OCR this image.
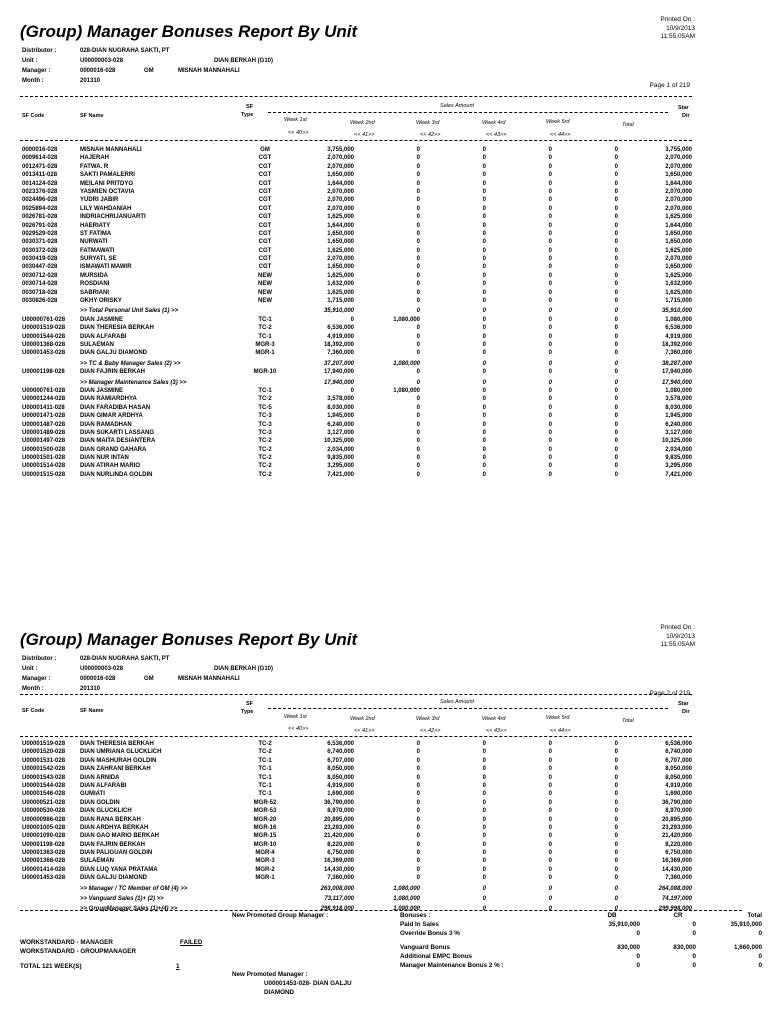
(Group) Manager Bonuses Report By Unit
Printed On :
10/9/2013
11:55:05AM
Distributor :	028-DIAN NUGRAHA SAKTI, PT
Unit :	U00000003-028	DIAN BERKAH (G10)
Manager :	0000016-028	GM	MISNAH MANNAHALI
Month :	201310
Page 1 of 219
SF Code	SF Name
SF
Type
Sales Amount	Star
Dir
Week 1st	Week 2nd	Week 3rd	Week 4rd	Week 5rd	Total
<< 40>>	<< 41>>	<< 42>>	<< 43>>	<< 44>>
0000016-028	MISNAH MANNAHALI	GM	3,755,000	0	0	0	0	3,755,000
0009614-028	HAJERAH	CGT	2,070,000	0	0	0	0	2,070,000
0012471-028	FATWA. R	CGT	2,070,000	0	0	0	0	2,070,000
0013411-028	SAKTI PAMALERRI	CGT	1,650,000	0	0	0	0	1,650,000
0014124-028	MEILANI PRITDYO	CGT	1,644,000	0	0	0	0	1,644,000
0023376-028	YASMIEN OCTAVIA	CGT	2,070,000	0	0	0	0	2,070,000
0024496-028	YUDRI JABIR	CGT	2,070,000	0	0	0	0	2,070,000
0025894-028	LILY WAHDANIAH	CGT	2,070,000	0	0	0	0	2,070,000
0026781-028	INDRIACHRIJANUARTI	CGT	1,625,000	0	0	0	0	1,625,000
0026791-028	HAERIATY	CGT	1,644,000	0	0	0	0	1,644,000
0029529-028	ST FATIMA	CGT	1,650,000	0	0	0	0	1,650,000
0030371-028	NURWATI	CGT	1,650,000	0	0	0	0	1,650,000
0030372-028	FATMAWATI	CGT	1,625,000	0	0	0	0	1,625,000
0030419-028	SURYATI, SE	CGT	2,070,000	0	0	0	0	2,070,000
0030447-028	ISMAWATI MAWIR	CGT	1,650,000	0	0	0	0	1,650,000
0030712-028	MURSIDA	NEW	1,625,000	0	0	0	0	1,625,000
0030714-028	ROSDIANI	NEW	1,632,000	0	0	0	0	1,632,000
0030718-028	SABRIANI	NEW	1,625,000	0	0	0	0	1,625,000
0030826-028	OKHY ORISKY	NEW	1,715,000	0	0	0	0	1,715,000
>> Total Personal Unit Sales (1) >>	35,910,000	0	0	0	0	35,910,000
U00000761-028	DIAN JASMINE	TC-1	0	1,080,000	0	0	0	1,080,000
U00001519-028	DIAN THERESIA BERKAH	TC-2	6,536,000	0	0	0	0	6,536,000
U00001544-028	DIAN ALFARABI	TC-1	4,919,000	0	0	0	0	4,919,000
U00001368-028	SULAEMAN	MGR-3	18,392,000	0	0	0	0	18,392,000
U00001453-028	DIAN GALJU DIAMOND	MGR-1	7,360,000	0	0	0	0	7,360,000
>> TC & Baby Manager Sales (2) >>	37,207,000	1,080,000	0	0	0	38,287,000
U00001198-028	DIAN FAJRIN BERKAH	MGR-10	17,940,000	0	0	0	0	17,940,000
>> Manager Maintenance Sales (3) >>	17,940,000	0	0	0	0	17,940,000
U00000761-028	DIAN JASMINE	TC-1	0	1,080,000	0	0	0	1,080,000
U00001244-028	DIAN RAMIARDHYA	TC-2	3,578,000	0	0	0	0	3,578,000
U00001411-028	DIAN FARADIBA HASAN	TC-5	8,030,000	0	0	0	0	8,030,000
U00001471-028	DIAN GIMAR ARDHYA	TC-3	1,945,000	0	0	0	0	1,945,000
U00001487-028	DIAN RAMADHAN	TC-3	6,240,000	0	0	0	0	6,240,000
U00001489-028	DIAN SUKARTI LASSANG	TC-3	3,127,000	0	0	0	0	3,127,000
U00001497-028	DIAN MAITA DESIANTERA	TC-2	10,325,000	0	0	0	0	10,325,000
U00001500-028	DIAN GRAND GAHARA	TC-2	2,034,000	0	0	0	0	2,034,000
U00001501-028	DIAN NUR INTAN	TC-2	9,835,000	0	0	0	0	9,835,000
U00001514-028	DIAN ATIRAH MARIO	TC-2	3,295,000	0	0	0	0	3,295,000
U00001515-028	DIAN NURLINDA GOLDIN	TC-2	7,421,000	0	0	0	0	7,421,000
(Group) Manager Bonuses Report By Unit
Printed On :
10/9/2013
11:55:05AM
Distributor :	028-DIAN NUGRAHA SAKTI, PT
Unit :	U00000003-028	DIAN BERKAH (G10)
Manager :	0000016-028	GM	MISNAH MANNAHALI
Month :	201310
Page 2 of 219
SF Code	SF Name
SF
Type
Sales Amount	Star
Dir
Week 1st	Week 2nd	Week 3rd	Week 4rd	Week 5rd	Total
<< 40>>	<< 41>>	<< 42>>	<< 43>>	<< 44>>
U00001519-028	DIAN THERESIA BERKAH	TC-2	6,536,000	0	0	0	0	6,536,000
U00001520-028	DIAN UMRIANA GLUCKLICH	TC-2	6,740,000	0	0	0	0	6,740,000
U00001531-028	DIAN MASHURAH GOLDIN	TC-1	6,707,000	0	0	0	0	6,707,000
U00001542-028	DIAN ZAHRANI BERKAH	TC-1	8,050,000	0	0	0	0	8,050,000
U00001543-028	DIAN ARNIDA	TC-1	8,050,000	0	0	0	0	8,050,000
U00001544-028	DIAN ALFARABI	TC-1	4,919,000	0	0	0	0	4,919,000
U00001546-028	GUMIATI	TC-1	1,690,000	0	0	0	0	1,690,000
U00000521-028	DIAN GOLDIN	MGR-52	36,790,000	0	0	0	0	36,790,000
U00000530-028	DIAN GLUCKLICH	MGR-53	8,970,000	0	0	0	0	8,970,000
U00000986-028	DIAN RANA BERKAH	MGR-20	20,895,000	0	0	0	0	20,895,000
U00001005-028	DIAN ARDHYA BERKAH	MGR-16	23,293,000	0	0	0	0	23,293,000
U00001090-028	DIAN GAO MARIO BERKAH	MGR-15	21,420,000	0	0	0	0	21,420,000
U00001198-028	DIAN FAJRIN BERKAH	MGR-10	8,220,000	0	0	0	0	8,220,000
U00001363-028	DIAN PALIGUAN GOLDIN	MGR-4	6,750,000	0	0	0	0	6,750,000
U00001368-028	SULAEMAN	MGR-3	16,369,000	0	0	0	0	16,369,000
U00001414-028	DIAN LUQ YANA PRATAMA	MGR-2	14,430,000	0	0	0	0	14,430,000
U00001453-028	DIAN GALJU DIAMOND	MGR-1	7,360,000	0	0	0	0	7,360,000
>> Manager / TC Member of GM (4) >>	263,008,000	1,080,000	0	0	0	264,088,000
>> Vanguard Sales (1)+ (2) >>	73,117,000	1,080,000	0	0	0	74,197,000
>> GroupManager Sales (1)+(4) >>	298,918,000	1,080,000	0	0	0	299,998,000
WORKSTANDARD - MANAGER	FAILED
WORKSTANDARD - GROUPMANAGER
TOTAL 121 WEEK(S)	1
New Promoted Group Manager :
New Promoted Manager :
U00001453-028- DIAN GALJU
DIAMOND
Bonuses :	DB	CR	Total
Paid In Sales	35,910,000	0	35,910,000
Override Bonus 3 %	0	0	0
Vanguard Bonus	830,000	830,000	1,660,000
Additional EMPC Bonus	0	0	0
Manager Maintenance Bonus 2 % :	0	0	0
